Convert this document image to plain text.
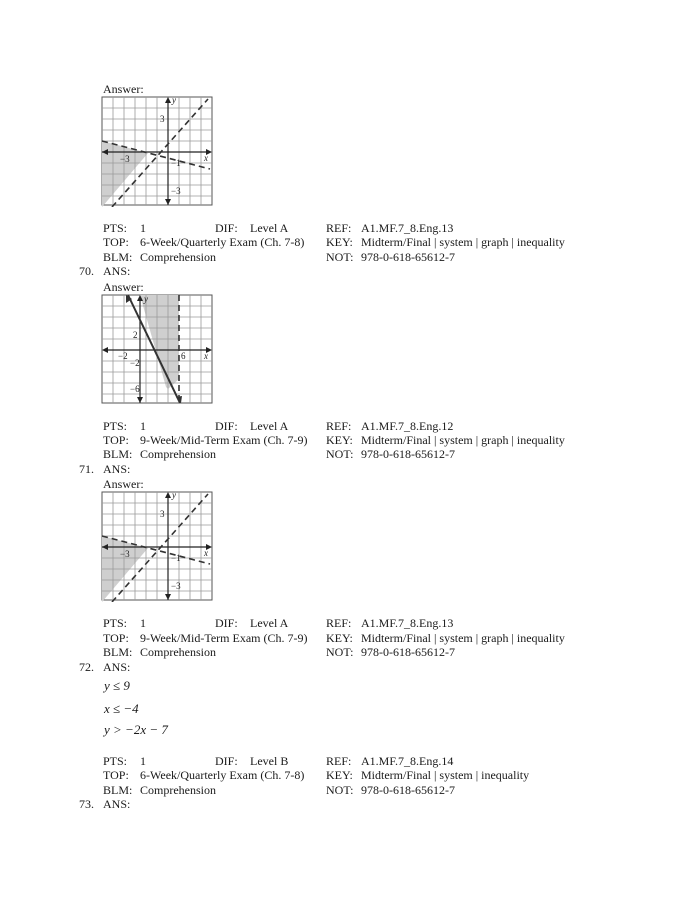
Answer:
y
x
3
−3	−1
−3
PTS: 1	DIF: Level A	REF: A1.MF.7_8.Eng.13
TOP: 6-Week/Quarterly Exam (Ch. 7-8) KEY: Midterm/Final | system | graph | inequality
BLM: Comprehension	NOT: 978-0-618-65612-7
70. ANS:
Answer:
y
x
2
−2	6
−2
−6
PTS: 1	DIF: Level A	REF: A1.MF.7_8.Eng.12
TOP: 9-Week/Mid-Term Exam (Ch. 7-9) KEY: Midterm/Final | system | graph | inequality
BLM: Comprehension	NOT: 978-0-618-65612-7
71. ANS:
Answer:
y
x
3
−3	−1
−3
PTS: 1	DIF: Level A	REF: A1.MF.7_8.Eng.13
TOP: 9-Week/Mid-Term Exam (Ch. 7-9) KEY: Midterm/Final | system | graph | inequality
BLM: Comprehension	NOT: 978-0-618-65612-7
72. ANS:
y ≤ 9
x ≤ −4
y > −2x − 7
PTS: 1	DIF: Level B	REF: A1.MF.7_8.Eng.14
TOP: 6-Week/Quarterly Exam (Ch. 7-8) KEY: Midterm/Final | system | inequality
BLM: Comprehension	NOT: 978-0-618-65612-7
73. ANS:
